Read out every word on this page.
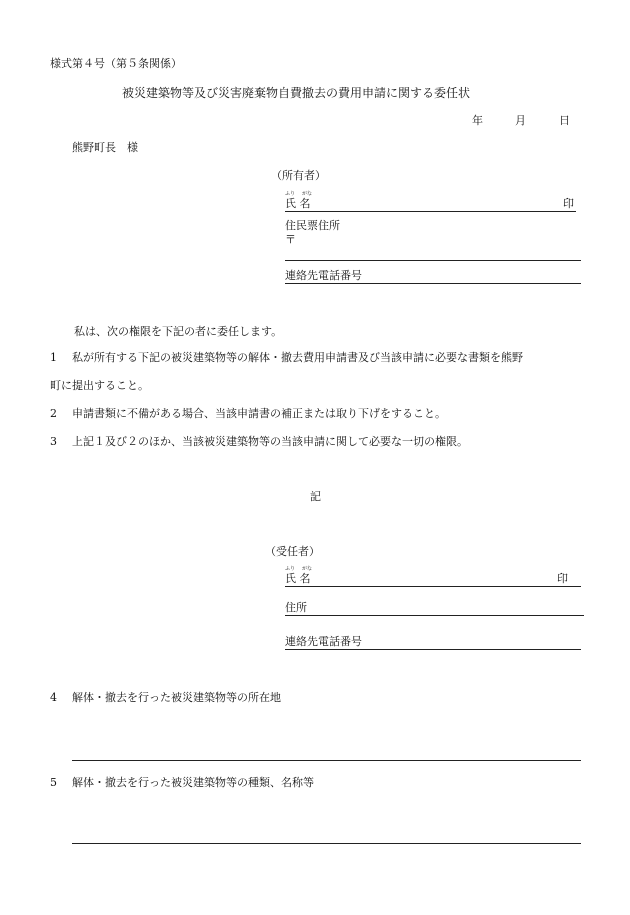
様式第４号（第５条関係）
被災建築物等及び災害廃棄物自費撤去の費用申請に関する委任状
年	月	日
熊野町長　様
（所有者）
ふり がな
氏 名	印
住民票住所
〒
連絡先電話番号
私は、次の権限を下記の者に委任します。
1 私が所有する下記の被災建築物等の解体・撤去費用申請書及び当該申請に必要な書類を熊野
町に提出すること。
2 申請書類に不備がある場合、当該申請書の補正または取り下げをすること。
3 上記１及び２のほか、当該被災建築物等の当該申請に関して必要な一切の権限。
記
（受任者）
ふり がな
氏 名	印
住所
連絡先電話番号
4 解体・撤去を行った被災建築物等の所在地
5 解体・撤去を行った被災建築物等の種類、名称等
